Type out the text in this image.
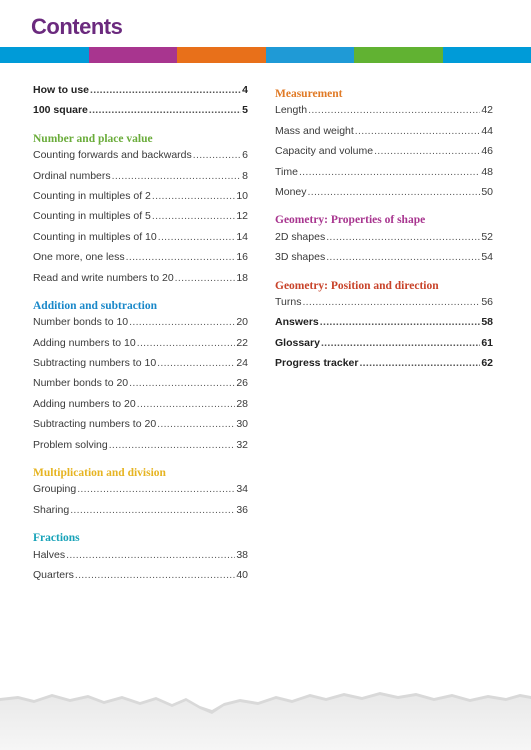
Contents
How to use .....	4
100 square .....	5
Number and place value
Counting forwards and backwards .....	6
Ordinal numbers .....	8
Counting in multiples of 2 .....	10
Counting in multiples of 5 .....	12
Counting in multiples of 10 .....	14
One more, one less .....	16
Read and write numbers to 20 .....	18
Addition and subtraction
Number bonds to 10 .....	20
Adding numbers to 10 .....	22
Subtracting numbers to 10 .....	24
Number bonds to 20 .....	26
Adding numbers to 20 .....	28
Subtracting numbers to 20 .....	30
Problem solving .....	32
Multiplication and division
Grouping .....	34
Sharing .....	36
Fractions
Halves .....	38
Quarters .....	40
Measurement
Length .....	42
Mass and weight .....	44
Capacity and volume .....	46
Time .....	48
Money .....	50
Geometry: Properties of shape
2D shapes .....	52
3D shapes .....	54
Geometry: Position and direction
Turns .....	56
Answers .....	58
Glossary .....	61
Progress tracker .....	62
